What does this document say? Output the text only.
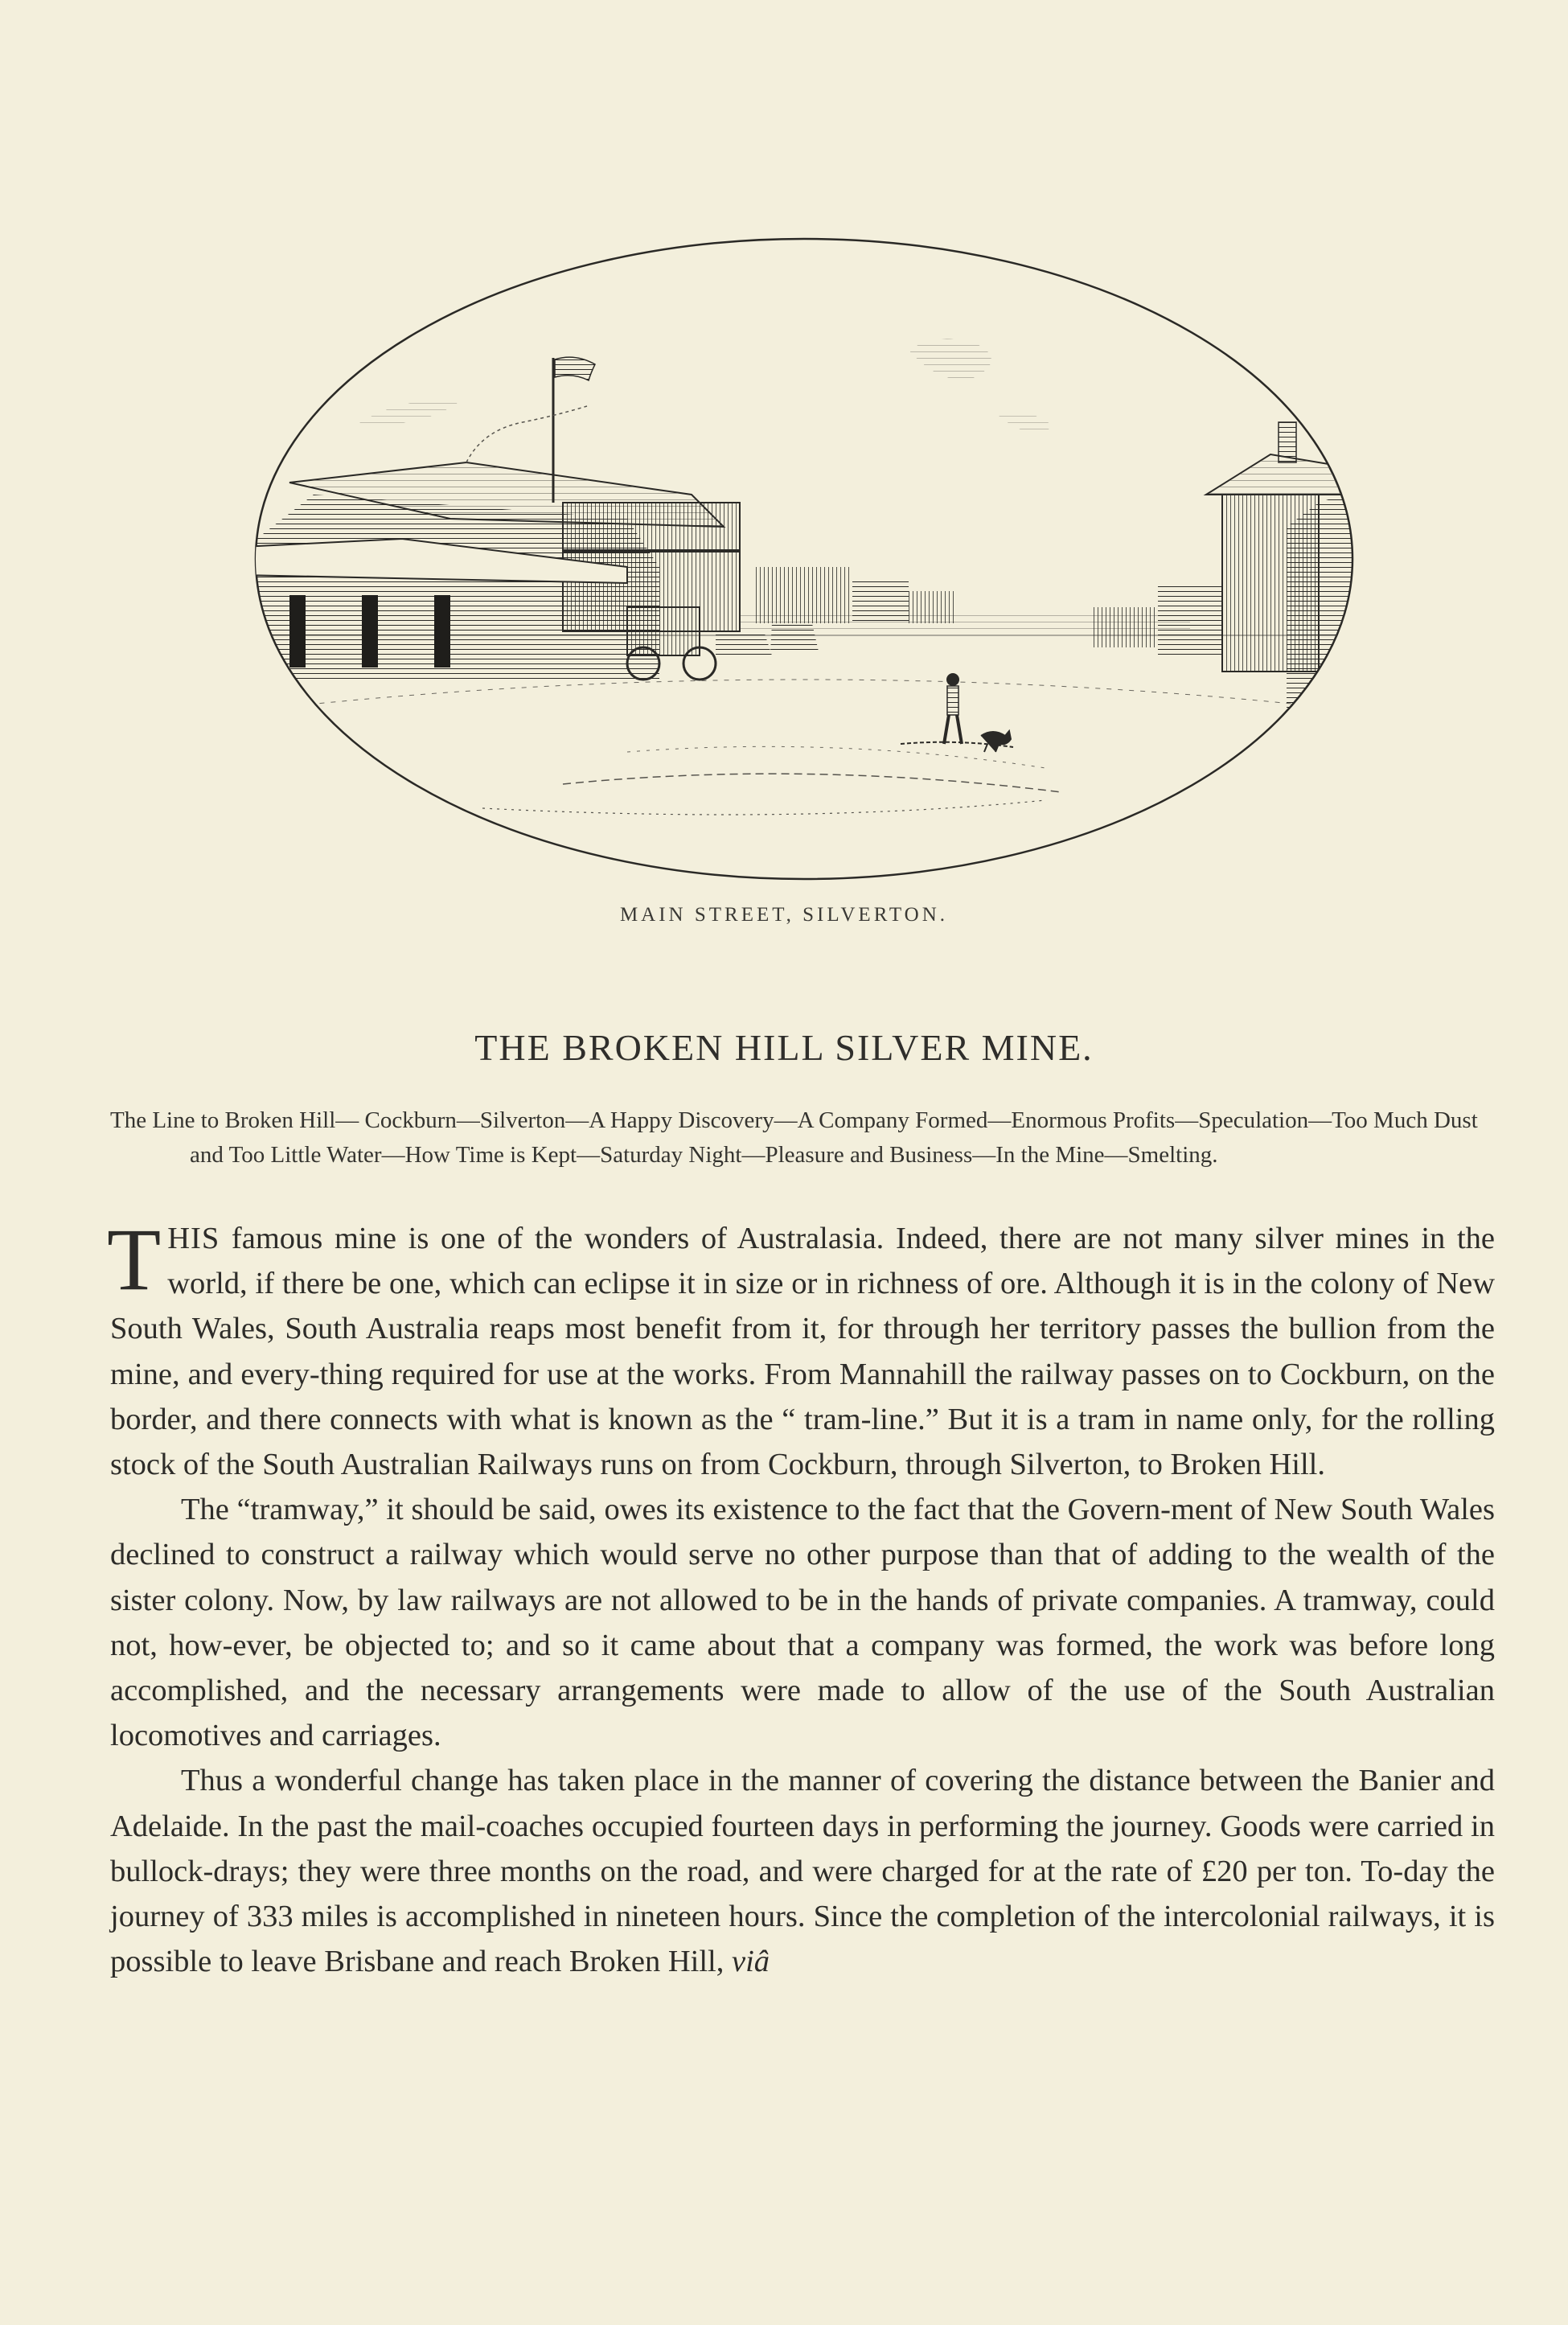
MAIN STREET, SILVERTON.
THE BROKEN HILL SILVER MINE.
The Line to Broken Hill— Cockburn—Silverton—A Happy Discovery—A Company Formed—Enormous Profits—Speculation—Too Much Dust and Too Little Water—How Time is Kept—Saturday Night—Pleasure and Business—In the Mine—Smelting.

THIS famous mine is one of the wonders of Australasia. Indeed, there are not many silver mines in the world, if there be one, which can eclipse it in size or in richness of ore. Although it is in the colony of New South Wales, South Australia reaps most benefit from it, for through her territory passes the bullion from the mine, and every-thing required for use at the works. From Mannahill the railway passes on to Cockburn, on the border, and there connects with what is known as the “ tram-line.” But it is a tram in name only, for the rolling stock of the South Australian Railways runs on from Cockburn, through Silverton, to Broken Hill.

The “tramway,” it should be said, owes its existence to the fact that the Govern-ment of New South Wales declined to construct a railway which would serve no other purpose than that of adding to the wealth of the sister colony. Now, by law railways are not allowed to be in the hands of private companies. A tramway, could not, how-ever, be objected to; and so it came about that a company was formed, the work was before long accomplished, and the necessary arrangements were made to allow of the use of the South Australian locomotives and carriages.

Thus a wonderful change has taken place in the manner of covering the distance between the Banier and Adelaide. In the past the mail-coaches occupied fourteen days in performing the journey. Goods were carried in bullock-drays; they were three months on the road, and were charged for at the rate of £20 per ton. To-day the journey of 333 miles is accomplished in nineteen hours. Since the completion of the intercolonial railways, it is possible to leave Brisbane and reach Broken Hill, viâ
